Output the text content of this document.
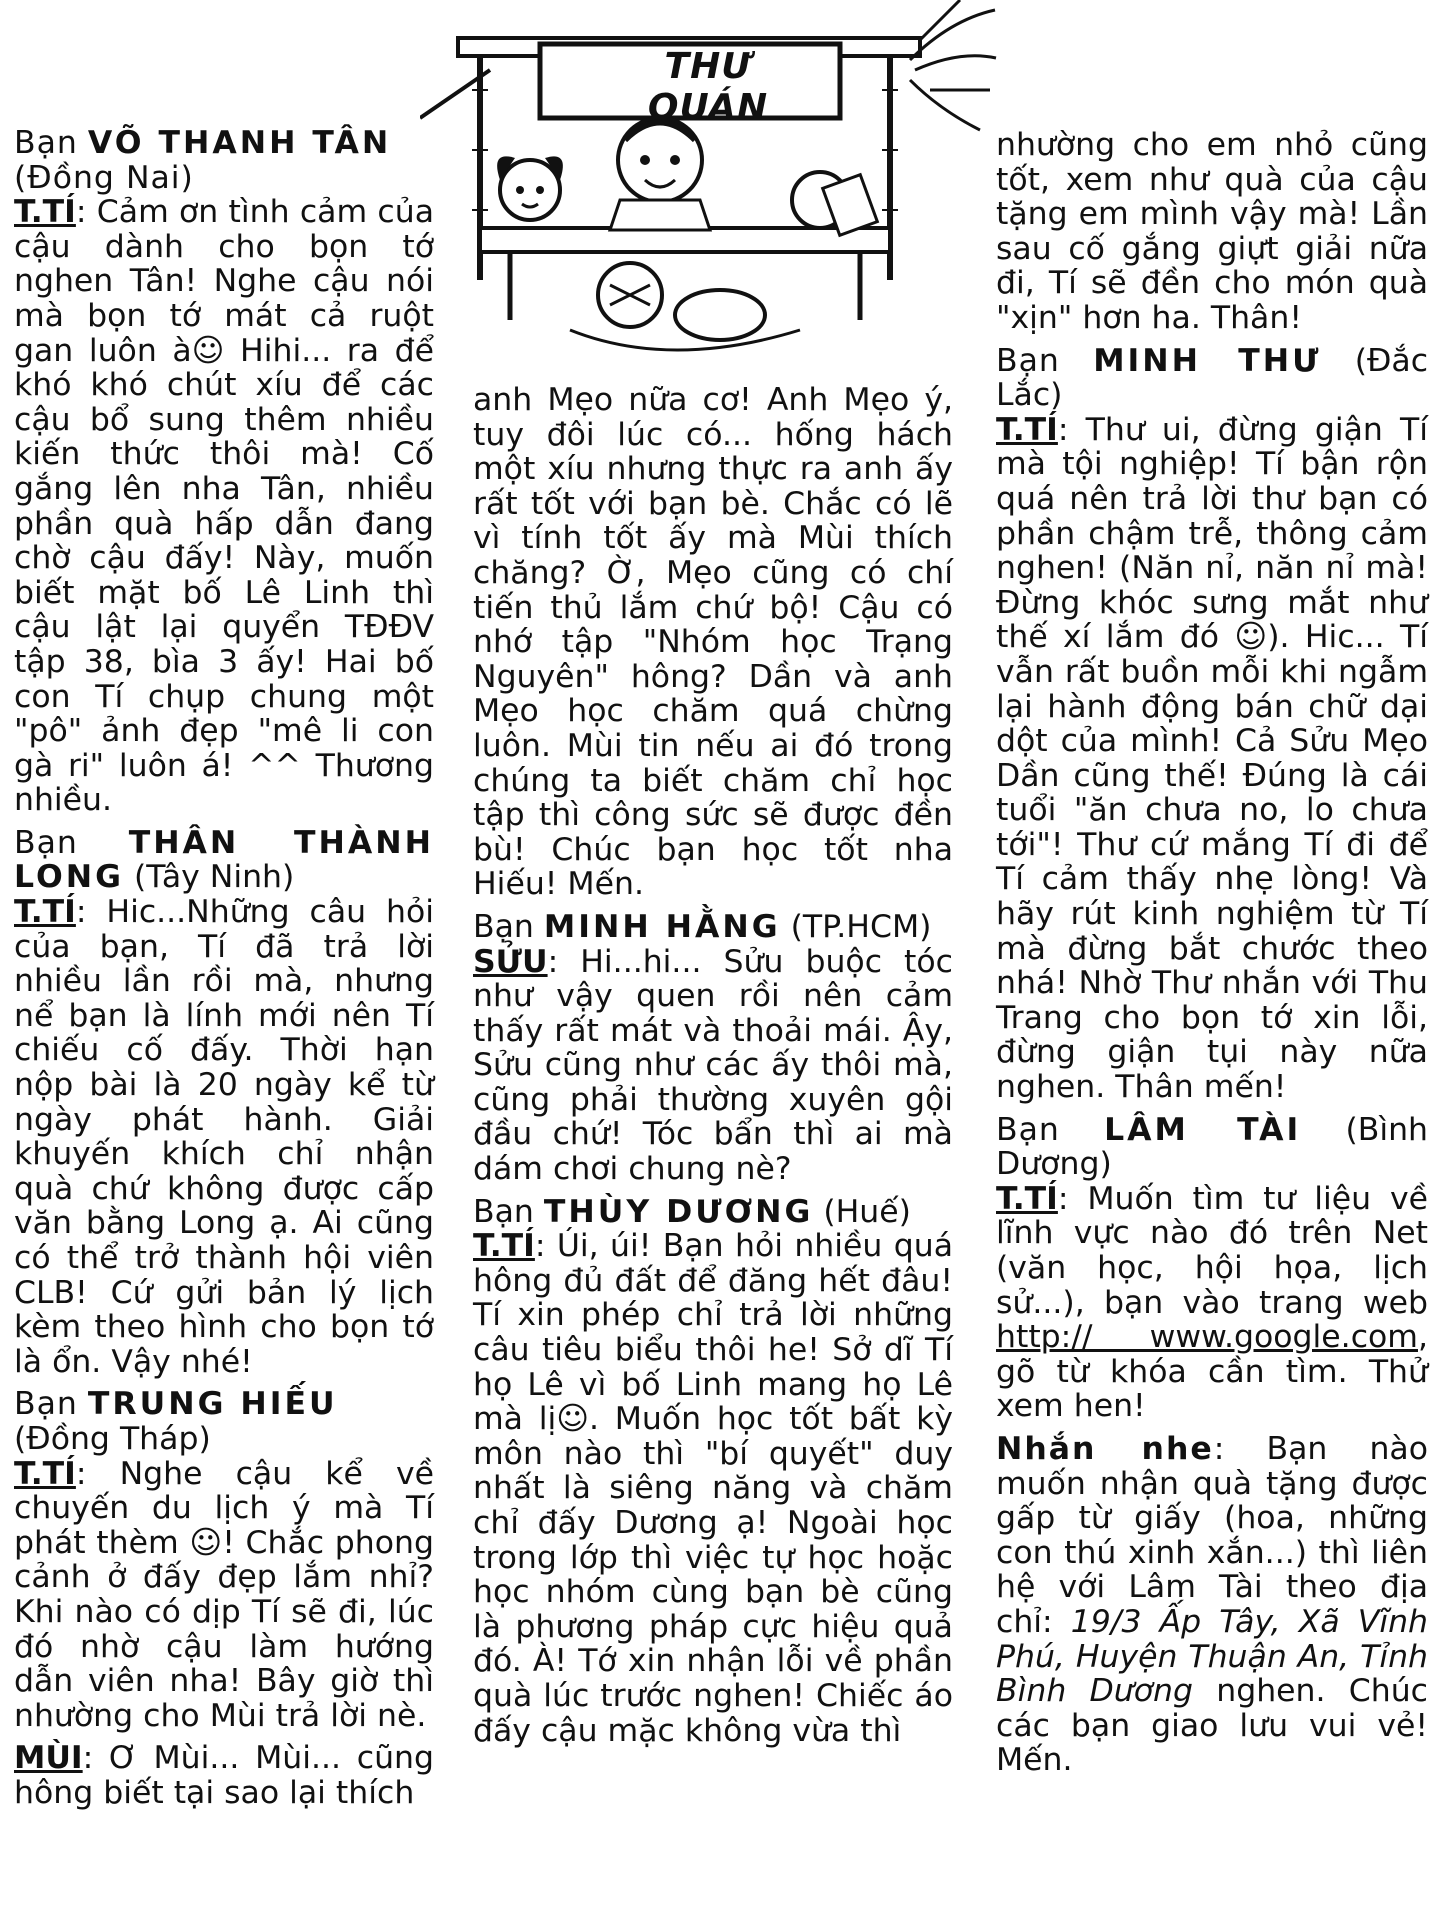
THƯ QUÁN

Bạn VÕ THANH TÂN
(Đồng Nai)
T.TÍ: Cảm ơn tình cảm của cậu dành cho bọn tớ nghen Tân! Nghe cậu nói mà bọn tớ mát cả ruột gan luôn à☺ Hihi... ra để khó khó chút xíu để các cậu bổ sung thêm nhiều kiến thức thôi mà! Cố gắng lên nha Tân, nhiều phần quà hấp dẫn đang chờ cậu đấy! Này, muốn biết mặt bố Lê Linh thì cậu lật lại quyển TĐĐV tập 38, bìa 3 ấy! Hai bố con Tí chụp chung một "pô" ảnh đẹp "mê li con gà ri" luôn á! ^^ Thương nhiều.

Bạn THÂN THÀNH LONG (Tây Ninh)
T.TÍ: Hic...Những câu hỏi của bạn, Tí đã trả lời nhiều lần rồi mà, nhưng nể bạn là lính mới nên Tí chiếu cố đấy. Thời hạn nộp bài là 20 ngày kể từ ngày phát hành. Giải khuyến khích chỉ nhận quà chứ không được cấp văn bằng Long ạ. Ai cũng có thể trở thành hội viên CLB! Cứ gửi bản lý lịch kèm theo hình cho bọn tớ là ổn. Vậy nhé!

Bạn TRUNG HIẾU
(Đồng Tháp)
T.TÍ: Nghe cậu kể về chuyến du lịch ý mà Tí phát thèm ☺! Chắc phong cảnh ở đấy đẹp lắm nhỉ? Khi nào có dịp Tí sẽ đi, lúc đó nhờ cậu làm hướng dẫn viên nha! Bây giờ thì nhường cho Mùi trả lời nè.

MÙI: Ơ Mùi... Mùi... cũng hông biết tại sao lại thích

anh Mẹo nữa cơ! Anh Mẹo ý, tuy đôi lúc có... hống hách một xíu nhưng thực ra anh ấy rất tốt với bạn bè. Chắc có lẽ vì tính tốt ấy mà Mùi thích chăng? Ờ, Mẹo cũng có chí tiến thủ lắm chứ bộ! Cậu có nhớ tập "Nhóm học Trạng Nguyên" hông? Dần và anh Mẹo học chăm quá chừng luôn. Mùi tin nếu ai đó trong chúng ta biết chăm chỉ học tập thì công sức sẽ được đền bù! Chúc bạn học tốt nha Hiếu! Mến.

Bạn MINH HẰNG (TP.HCM)
SỬU: Hi...hi... Sửu buộc tóc như vậy quen rồi nên cảm thấy rất mát và thoải mái. Ậy, Sửu cũng như các ấy thôi mà, cũng phải thường xuyên gội đầu chứ! Tóc bẩn thì ai mà dám chơi chung nè?

Bạn THÙY DƯƠNG (Huế)
T.TÍ: Úi, úi! Bạn hỏi nhiều quá hông đủ đất để đăng hết đâu! Tí xin phép chỉ trả lời những câu tiêu biểu thôi he! Sở dĩ Tí họ Lê vì bố Linh mang họ Lê mà lị☺. Muốn học tốt bất kỳ môn nào thì "bí quyết" duy nhất là siêng năng và chăm chỉ đấy Dương ạ! Ngoài học trong lớp thì việc tự học hoặc học nhóm cùng bạn bè cũng là phương pháp cực hiệu quả đó. À! Tớ xin nhận lỗi về phần quà lúc trước nghen! Chiếc áo đấy cậu mặc không vừa thì

nhường cho em nhỏ cũng tốt, xem như quà của cậu tặng em mình vậy mà! Lần sau cố gắng giựt giải nữa đi, Tí sẽ đền cho món quà "xịn" hơn ha. Thân!

Bạn MINH THƯ (Đắc Lắc)
T.TÍ: Thư ui, đừng giận Tí mà tội nghiệp! Tí bận rộn quá nên trả lời thư bạn có phần chậm trễ, thông cảm nghen! (Năn nỉ, năn nỉ mà! Đừng khóc sưng mắt như thế xí lắm đó ☺). Hic... Tí vẫn rất buồn mỗi khi ngẫm lại hành động bán chữ dại dột của mình! Cả Sửu Mẹo Dần cũng thế! Đúng là cái tuổi "ăn chưa no, lo chưa tới"! Thư cứ mắng Tí đi để Tí cảm thấy nhẹ lòng! Và hãy rút kinh nghiệm từ Tí mà đừng bắt chước theo nhá! Nhờ Thư nhắn với Thu Trang cho bọn tớ xin lỗi, đừng giận tụi này nữa nghen. Thân mến!

Bạn LÂM TÀI (Bình Dương)
T.TÍ: Muốn tìm tư liệu về lĩnh vực nào đó trên Net (văn học, hội họa, lịch sử...), bạn vào trang web http:// www.google.com, gõ từ khóa cần tìm. Thử xem hen!

Nhắn nhe: Bạn nào muốn nhận quà tặng được gấp từ giấy (hoa, những con thú xinh xắn...) thì liên hệ với Lâm Tài theo địa chỉ: 19/3 Ấp Tây, Xã Vĩnh Phú, Huyện Thuận An, Tỉnh Bình Dương nghen. Chúc các bạn giao lưu vui vẻ! Mến.
